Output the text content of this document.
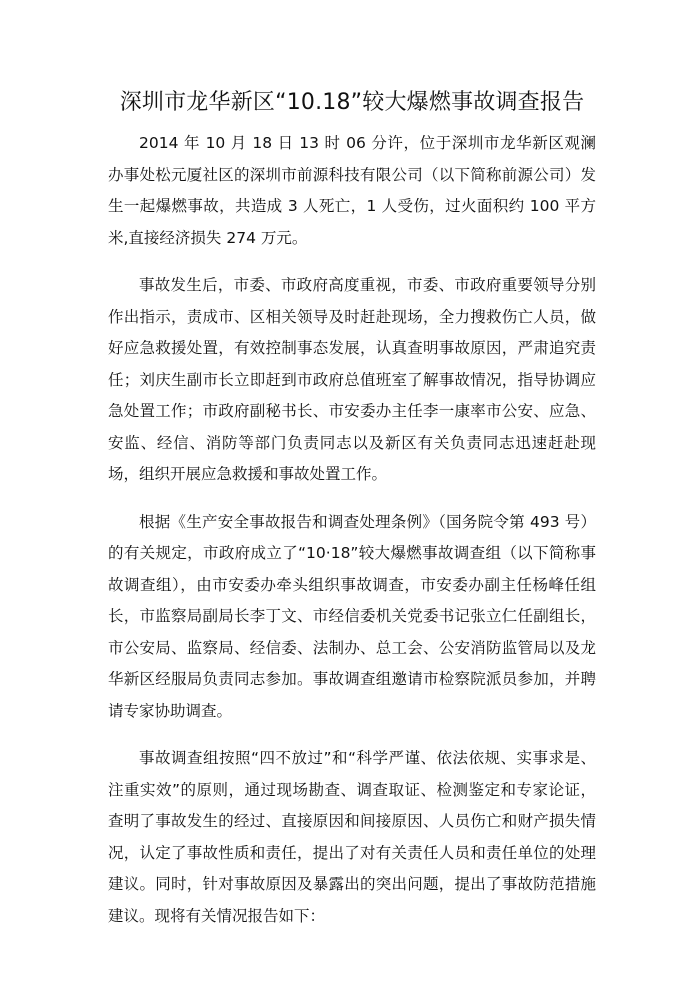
深圳市龙华新区“10.18”较大爆燃事故调查报告

2014 年 10 月 18 日 13 时 06 分许，位于深圳市龙华新区观澜办事处松元厦社区的深圳市前源科技有限公司（以下简称前源公司）发生一起爆燃事故，共造成 3 人死亡，1 人受伤，过火面积约 100 平方米,直接经济损失 274 万元。

事故发生后，市委、市政府高度重视，市委、市政府重要领导分别作出指示，责成市、区相关领导及时赶赴现场，全力搜救伤亡人员，做好应急救援处置，有效控制事态发展，认真查明事故原因，严肃追究责任；刘庆生副市长立即赶到市政府总值班室了解事故情况，指导协调应急处置工作；市政府副秘书长、市安委办主任李一康率市公安、应急、安监、经信、消防等部门负责同志以及新区有关负责同志迅速赶赴现场，组织开展应急救援和事故处置工作。

根据《生产安全事故报告和调查处理条例》（国务院令第 493 号）的有关规定，市政府成立了“10·18”较大爆燃事故调查组（以下简称事故调查组），由市安委办牵头组织事故调查，市安委办副主任杨峰任组长，市监察局副局长李丁文、市经信委机关党委书记张立仁任副组长，市公安局、监察局、经信委、法制办、总工会、公安消防监管局以及龙华新区经服局负责同志参加。事故调查组邀请市检察院派员参加，并聘请专家协助调查。

事故调查组按照“四不放过”和“科学严谨、依法依规、实事求是、注重实效”的原则，通过现场勘查、调查取证、检测鉴定和专家论证，查明了事故发生的经过、直接原因和间接原因、人员伤亡和财产损失情况，认定了事故性质和责任，提出了对有关责任人员和责任单位的处理建议。同时，针对事故原因及暴露出的突出问题，提出了事故防范措施建议。现将有关情况报告如下：
